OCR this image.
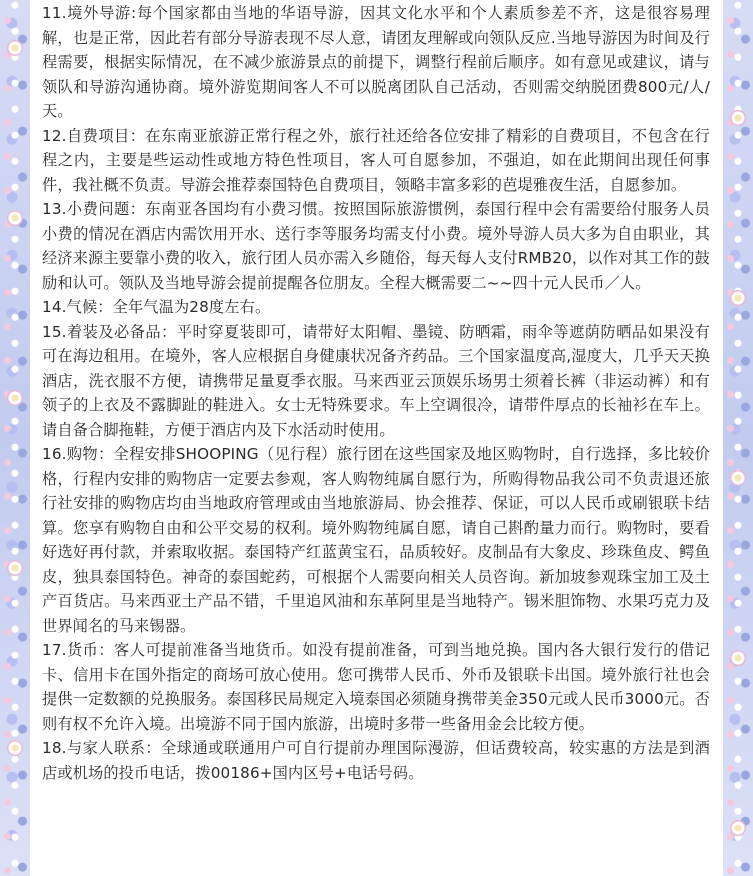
11.境外导游:每个国家都由当地的华语导游，因其文化水平和个人素质参差不齐，这是很容易理解，也是正常，因此若有部分导游表现不尽人意，请团友理解或向领队反应.当地导游因为时间及行程需要，根据实际情况，在不减少旅游景点的前提下，调整行程前后顺序。如有意见或建议，请与领队和导游沟通协商。境外游览期间客人不可以脱离团队自己活动，否则需交纳脱团费800元/人/天。

12.自费项目：在东南亚旅游正常行程之外，旅行社还给各位安排了精彩的自费项目，不包含在行程之内，主要是些运动性或地方特色性项目，客人可自愿参加，不强迫，如在此期间出现任何事件，我社概不负责。导游会推荐泰国特色自费项目，领略丰富多彩的芭堤雅夜生活，自愿参加。

13.小费问题：东南亚各国均有小费习惯。按照国际旅游惯例，泰国行程中会有需要给付服务人员小费的情况在酒店内需饮用开水、送行李等服务均需支付小费。境外导游人员大多为自由职业，其经济来源主要靠小费的收入，旅行团人员亦需入乡随俗，每天每人支付RMB20，以作对其工作的鼓励和认可。领队及当地导游会提前提醒各位朋友。全程大概需要二~~四十元人民币／人。

14.气候：全年气温为28度左右。

15.着装及必备品：平时穿夏装即可，请带好太阳帽、墨镜、防晒霜，雨伞等遮荫防晒品如果没有可在海边租用。在境外，客人应根据自身健康状况备齐药品。三个国家温度高,湿度大，几乎天天换酒店，洗衣服不方便，请携带足量夏季衣服。马来西亚云顶娱乐场男士须着长裤（非运动裤）和有领子的上衣及不露脚趾的鞋进入。女士无特殊要求。车上空调很冷，请带件厚点的长袖衫在车上。请自备合脚拖鞋，方便于酒店内及下水活动时使用。

16.购物：全程安排SHOOPING（见行程）旅行团在这些国家及地区购物时，自行选择，多比较价格，行程内安排的购物店一定要去参观，客人购物纯属自愿行为，所购得物品我公司不负责退还旅行社安排的购物店均由当地政府管理或由当地旅游局、协会推荐、保证，可以人民币或刷银联卡结算。您享有购物自由和公平交易的权利。境外购物纯属自愿，请自己斟酌量力而行。购物时，要看好选好再付款，并索取收据。泰国特产红蓝黄宝石，品质较好。皮制品有大象皮、珍珠鱼皮、鳄鱼皮，独具泰国特色。神奇的泰国蛇药，可根据个人需要向相关人员咨询。新加坡参观珠宝加工及土产百货店。马来西亚土产品不错，千里追风油和东革阿里是当地特产。锡米胆饰物、水果巧克力及世界闻名的马来锡器。

17.货币：客人可提前准备当地货币。如没有提前准备，可到当地兑换。国内各大银行发行的借记卡、信用卡在国外指定的商场可放心使用。您可携带人民币、外币及银联卡出国。境外旅行社也会提供一定数额的兑换服务。泰国移民局规定入境泰国必须随身携带美金350元或人民币3000元。否则有权不允许入境。出境游不同于国内旅游，出境时多带一些备用金会比较方便。

18.与家人联系：全球通或联通用户可自行提前办理国际漫游，但话费较高，较实惠的方法是到酒店或机场的投币电话，拨00186+国内区号+电话号码。
